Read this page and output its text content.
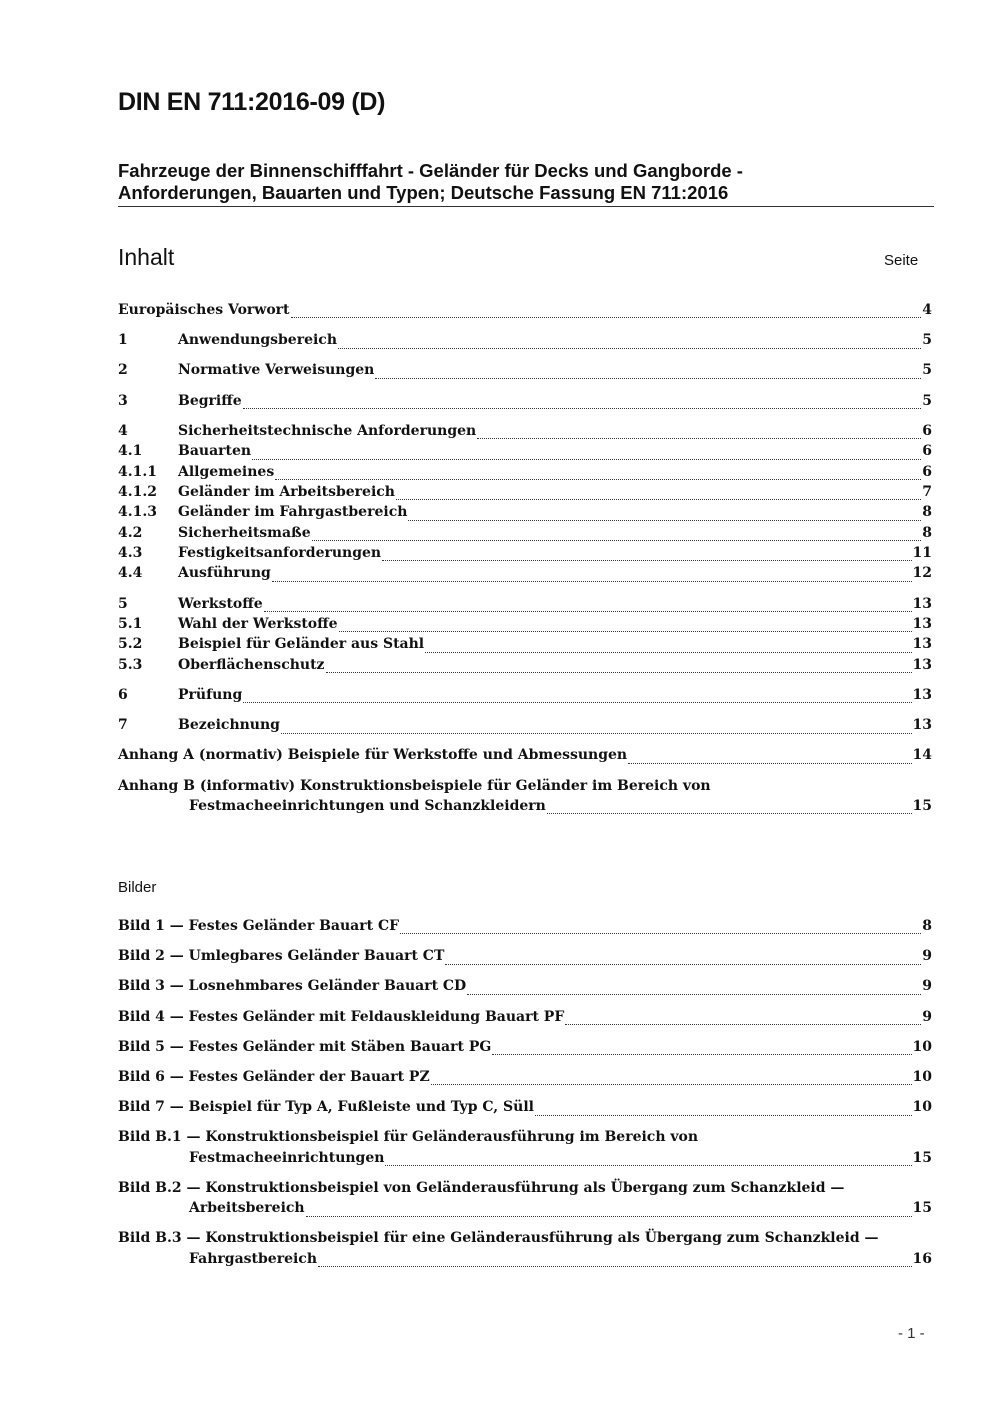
DIN EN 711:2016-09 (D)
Fahrzeuge der Binnenschifffahrt - Geländer für Decks und Gangborde -
Anforderungen, Bauarten und Typen; Deutsche Fassung EN 711:2016
Inhalt	Seite
Europäisches Vorwort	4
1	Anwendungsbereich	5
2	Normative Verweisungen	5
3	Begriffe	5
4	Sicherheitstechnische Anforderungen	6
4.1	Bauarten	6
4.1.1	Allgemeines	6
4.1.2	Geländer im Arbeitsbereich	7
4.1.3	Geländer im Fahrgastbereich	8
4.2	Sicherheitsmaße	8
4.3	Festigkeitsanforderungen	11
4.4	Ausführung	12
5	Werkstoffe	13
5.1	Wahl der Werkstoffe	13
5.2	Beispiel für Geländer aus Stahl	13
5.3	Oberflächenschutz	13
6	Prüfung	13
7	Bezeichnung	13
Anhang A (normativ) Beispiele für Werkstoffe und Abmessungen	14
Anhang B (informativ) Konstruktionsbeispiele für Geländer im Bereich von
Festmacheeinrichtungen und Schanzkleidern	15
Bilder
Bild 1 — Festes Geländer Bauart CF	8
Bild 2 — Umlegbares Geländer Bauart CT	9
Bild 3 — Losnehmbares Geländer Bauart CD	9
Bild 4 — Festes Geländer mit Feldauskleidung Bauart PF	9
Bild 5 — Festes Geländer mit Stäben Bauart PG	10
Bild 6 — Festes Geländer der Bauart PZ	10
Bild 7 — Beispiel für Typ A, Fußleiste und Typ C, Süll	10
Bild B.1 — Konstruktionsbeispiel für Geländerausführung im Bereich von
Festmacheeinrichtungen	15
Bild B.2 — Konstruktionsbeispiel von Geländerausführung als Übergang zum Schanzkleid —
Arbeitsbereich	15
Bild B.3 — Konstruktionsbeispiel für eine Geländerausführung als Übergang zum Schanzkleid —
Fahrgastbereich	16
- 1 -
